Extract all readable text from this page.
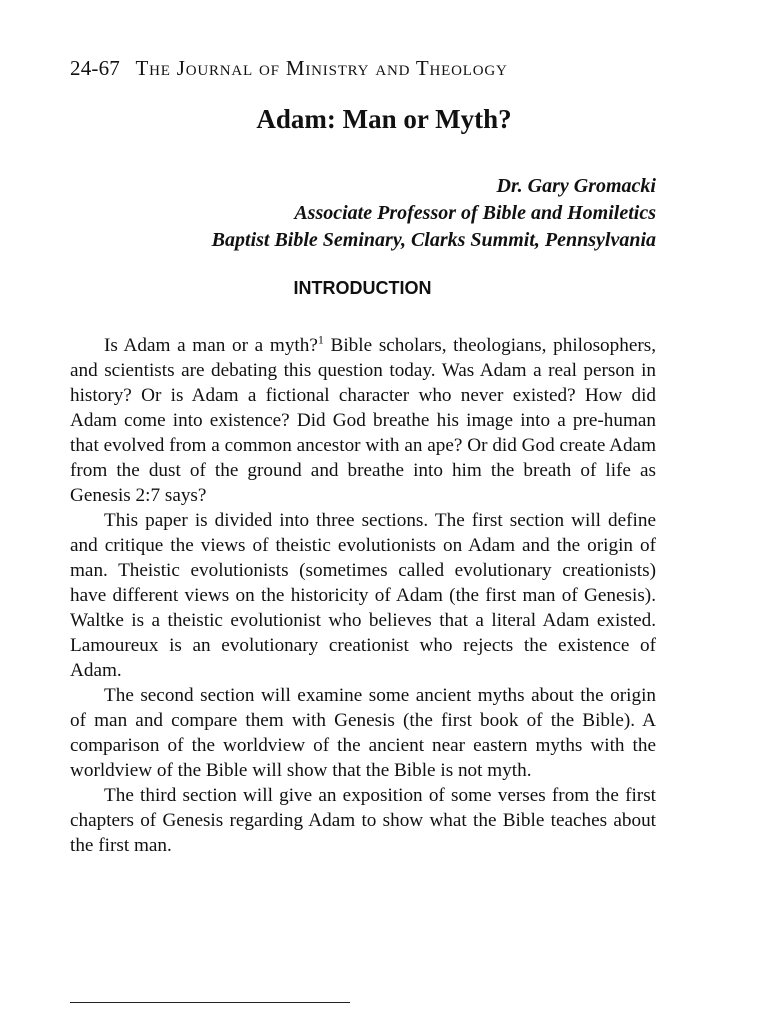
24-67 The Journal of Ministry and Theology
Adam: Man or Myth?
Dr. Gary Gromacki
Associate Professor of Bible and Homiletics
Baptist Bible Seminary, Clarks Summit, Pennsylvania
INTRODUCTION

Is Adam a man or a myth?$^1$ Bible scholars, theologians, philosophers, and scientists are debating this question today. Was Adam a real person in history? Or is Adam a fictional character who never existed? How did Adam come into existence? Did God breathe his image into a pre-human that evolved from a common ancestor with an ape? Or did God create Adam from the dust of the ground and breathe into him the breath of life as Genesis 2:7 says?

This paper is divided into three sections. The first section will define and critique the views of theistic evolutionists on Adam and the origin of man. Theistic evolutionists (sometimes called evolutionary creationists) have different views on the historicity of Adam (the first man of Genesis). Waltke is a theistic evolutionist who believes that a literal Adam existed. Lamoureux is an evolutionary creationist who rejects the existence of Adam.

The second section will examine some ancient myths about the origin of man and compare them with Genesis (the first book of the Bible). A comparison of the worldview of the ancient near eastern myths with the worldview of the Bible will show that the Bible is not myth.

The third section will give an exposition of some verses from the first chapters of Genesis regarding Adam to show what the Bible teaches about the first man.
